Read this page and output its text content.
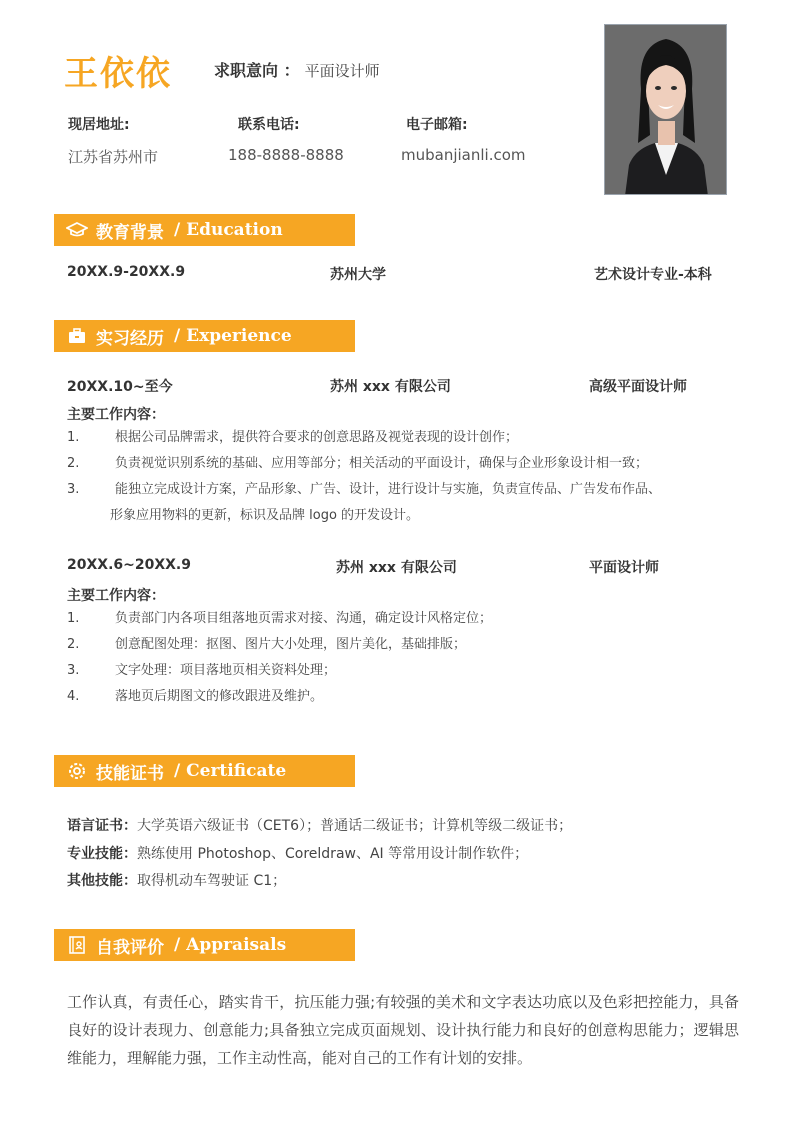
王依依	求职意向 ： 平面设计师
现居地址:
江苏省苏州市
联系电话:
188-8888-8888
电子邮箱:
mubanjianli.com
教育背景 / Education
20XX.9-20XX.9	苏州大学	艺术设计专业-本科
实习经历 / Experience
20XX.10~至今	苏州 xxx 有限公司	高级平面设计师
主要工作内容：
1.	根据公司品牌需求，提供符合要求的创意思路及视觉表现的设计创作；
2.	负责视觉识别系统的基础、应用等部分；相关活动的平面设计，确保与企业形象设计相一致；
3.	能独立完成设计方案，产品形象、广告、设计，进行设计与实施，负责宣传品、广告发布作品、
形象应用物料的更新，标识及品牌 logo 的开发设计。
20XX.6~20XX.9	苏州 xxx 有限公司	平面设计师
主要工作内容：
1.	负责部门内各项目组落地页需求对接、沟通，确定设计风格定位；
2.	创意配图处理：抠图、图片大小处理，图片美化，基础排版；
3.	文字处理：项目落地页相关资料处理；
4.	落地页后期图文的修改跟进及维护。
技能证书 / Certificate
语言证书：大学英语六级证书（CET6）；普通话二级证书；计算机等级二级证书；
专业技能：熟练使用 Photoshop、Coreldraw、AI 等常用设计制作软件；
其他技能：取得机动车驾驶证 C1；
自我评价 / Appraisals
工作认真，有责任心，踏实肯干，抗压能力强;有较强的美术和文字表达功底以及色彩把控能力，具备良好的设计表现力、创意能力;具备独立完成页面规划、设计执行能力和良好的创意构思能力；逻辑思维能力，理解能力强，工作主动性高，能对自己的工作有计划的安排。
